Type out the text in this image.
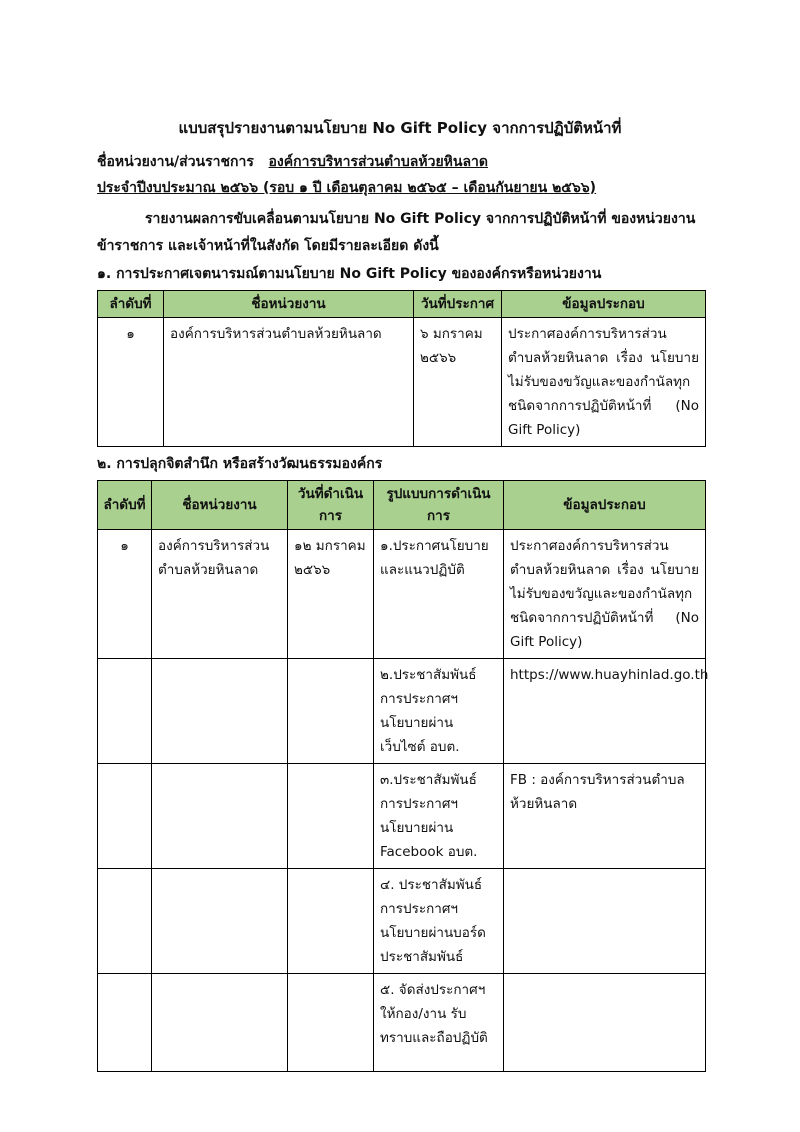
แบบสรุปรายงานตามนโยบาย No Gift Policy จากการปฏิบัติหน้าที่
ชื่อหน่วยงาน/ส่วนราชการ องค์การบริหารส่วนตำบลห้วยหินลาด
ประจำปีงบประมาณ ๒๕๖๖ (รอบ ๑ ปี เดือนตุลาคม ๒๕๖๕ – เดือนกันยายน ๒๕๖๖)
รายงานผลการขับเคลื่อนตามนโยบาย No Gift Policy จากการปฏิบัติหน้าที่ ของหน่วยงาน ข้าราชการ และเจ้าหน้าที่ในสังกัด โดยมีรายละเอียด ดังนี้
๑. การประกาศเจตนารมณ์ตามนโยบาย No Gift Policy ขององค์กรหรือหน่วยงาน
ลำดับที่	ชื่อหน่วยงาน	วันที่ประกาศ	ข้อมูลประกอบ
๑	องค์การบริหารส่วนตำบลห้วยหินลาด	๖ มกราคม ๒๕๖๖	ประกาศองค์การบริหารส่วนตำบลห้วยหินลาด เรื่อง นโยบายไม่รับของขวัญและของกำนัลทุกชนิดจากการปฏิบัติหน้าที่ (No Gift Policy)
๒. การปลุกจิตสำนึก หรือสร้างวัฒนธรรมองค์กร
ลำดับที่	ชื่อหน่วยงาน	วันที่ดำเนินการ	รูปแบบการดำเนินการ	ข้อมูลประกอบ
๑	องค์การบริหารส่วนตำบลห้วยหินลาด	๑๒ มกราคม ๒๕๖๖	๑.ประกาศนโยบายและแนวปฏิบัติ	ประกาศองค์การบริหารส่วนตำบลห้วยหินลาด เรื่อง นโยบายไม่รับของขวัญและของกำนัลทุกชนิดจากการปฏิบัติหน้าที่ (No Gift Policy)
			๒.ประชาสัมพันธ์การประกาศฯ นโยบายผ่านเว็บไซต์ อบต.	https://www.huayhinlad.go.th
			๓.ประชาสัมพันธ์การประกาศฯ นโยบายผ่าน Facebook อบต.	FB : องค์การบริหารส่วนตำบลห้วยหินลาด
			๔. ประชาสัมพันธ์การประกาศฯ นโยบายผ่านบอร์ดประชาสัมพันธ์	
			๕. จัดส่งประกาศฯ ให้กอง/งาน รับทราบและถือปฏิบัติ	
